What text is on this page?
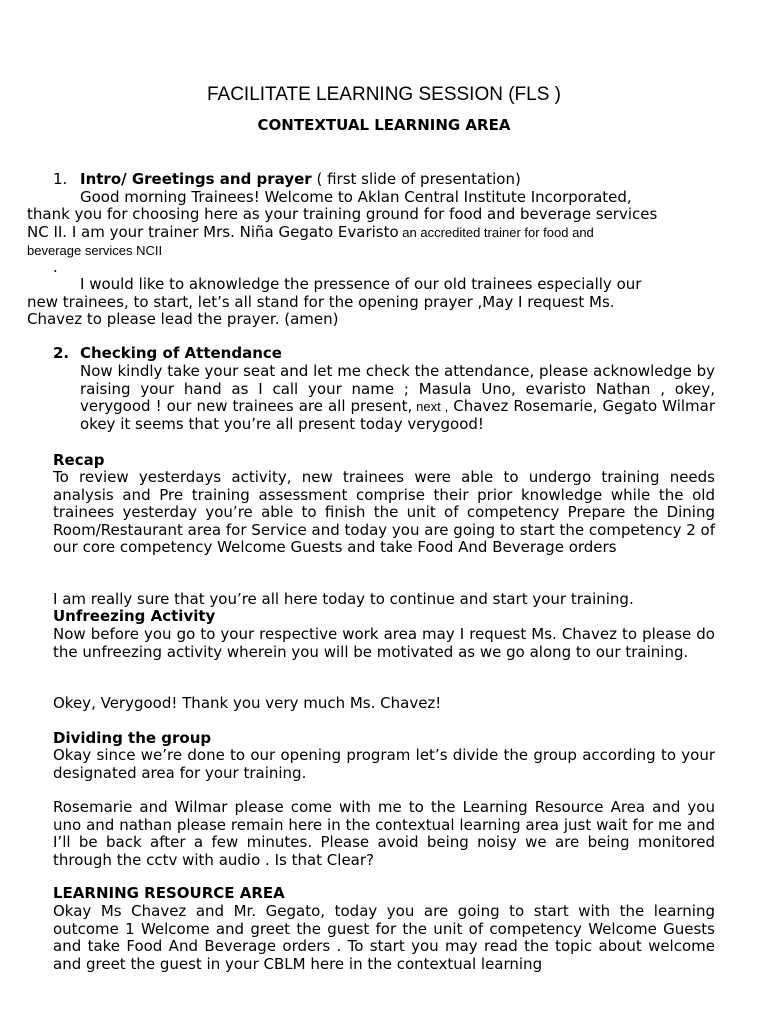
FACILITATE LEARNING SESSION (FLS )
CONTEXTUAL LEARNING AREA
1. Intro/ Greetings and prayer ( first slide of presentation)
Good morning Trainees! Welcome to Aklan Central Institute Incorporated,
thank you for choosing here as your training ground for food and beverage services
NC II. I am your trainer Mrs. Niña Gegato Evaristo an accredited trainer for food and
beverage services NCII
.
I would like to aknowledge the pressence of our old trainees especially our
new trainees, to start, let’s all stand for the opening prayer ,May I request Ms.
Chavez to please lead the prayer. (amen)
2. Checking of Attendance
Now kindly take your seat and let me check the attendance, please acknowledge by raising your hand as I call your name ; Masula Uno, evaristo Nathan , okey, verygood ! our new trainees are all present, next , Chavez Rosemarie, Gegato Wilmar okey it seems that you’re all present today verygood!
Recap
To review yesterdays activity, new trainees were able to undergo training needs analysis and Pre training assessment comprise their prior knowledge while the old trainees yesterday you’re able to finish the unit of competency Prepare the Dining Room/Restaurant area for Service and today you are going to start the competency 2 of our core competency Welcome Guests and take Food And Beverage orders
I am really sure that you’re all here today to continue and start your training.
Unfreezing Activity
Now before you go to your respective work area may I request Ms. Chavez to please do the unfreezing activity wherein you will be motivated as we go along to our training.
Okey, Verygood! Thank you very much Ms. Chavez!
Dividing the group
Okay since we’re done to our opening program let’s divide the group according to your designated area for your training.
Rosemarie and Wilmar please come with me to the Learning Resource Area and you uno and nathan please remain here in the contextual learning area just wait for me and I’ll be back after a few minutes. Please avoid being noisy we are being monitored through the cctv with audio . Is that Clear?
LEARNING RESOURCE AREA
Okay Ms Chavez and Mr. Gegato, today you are going to start with the learning outcome 1 Welcome and greet the guest for the unit of competency Welcome Guests and take Food And Beverage orders . To start you may read the topic about welcome and greet the guest in your CBLM here in the contextual learning
